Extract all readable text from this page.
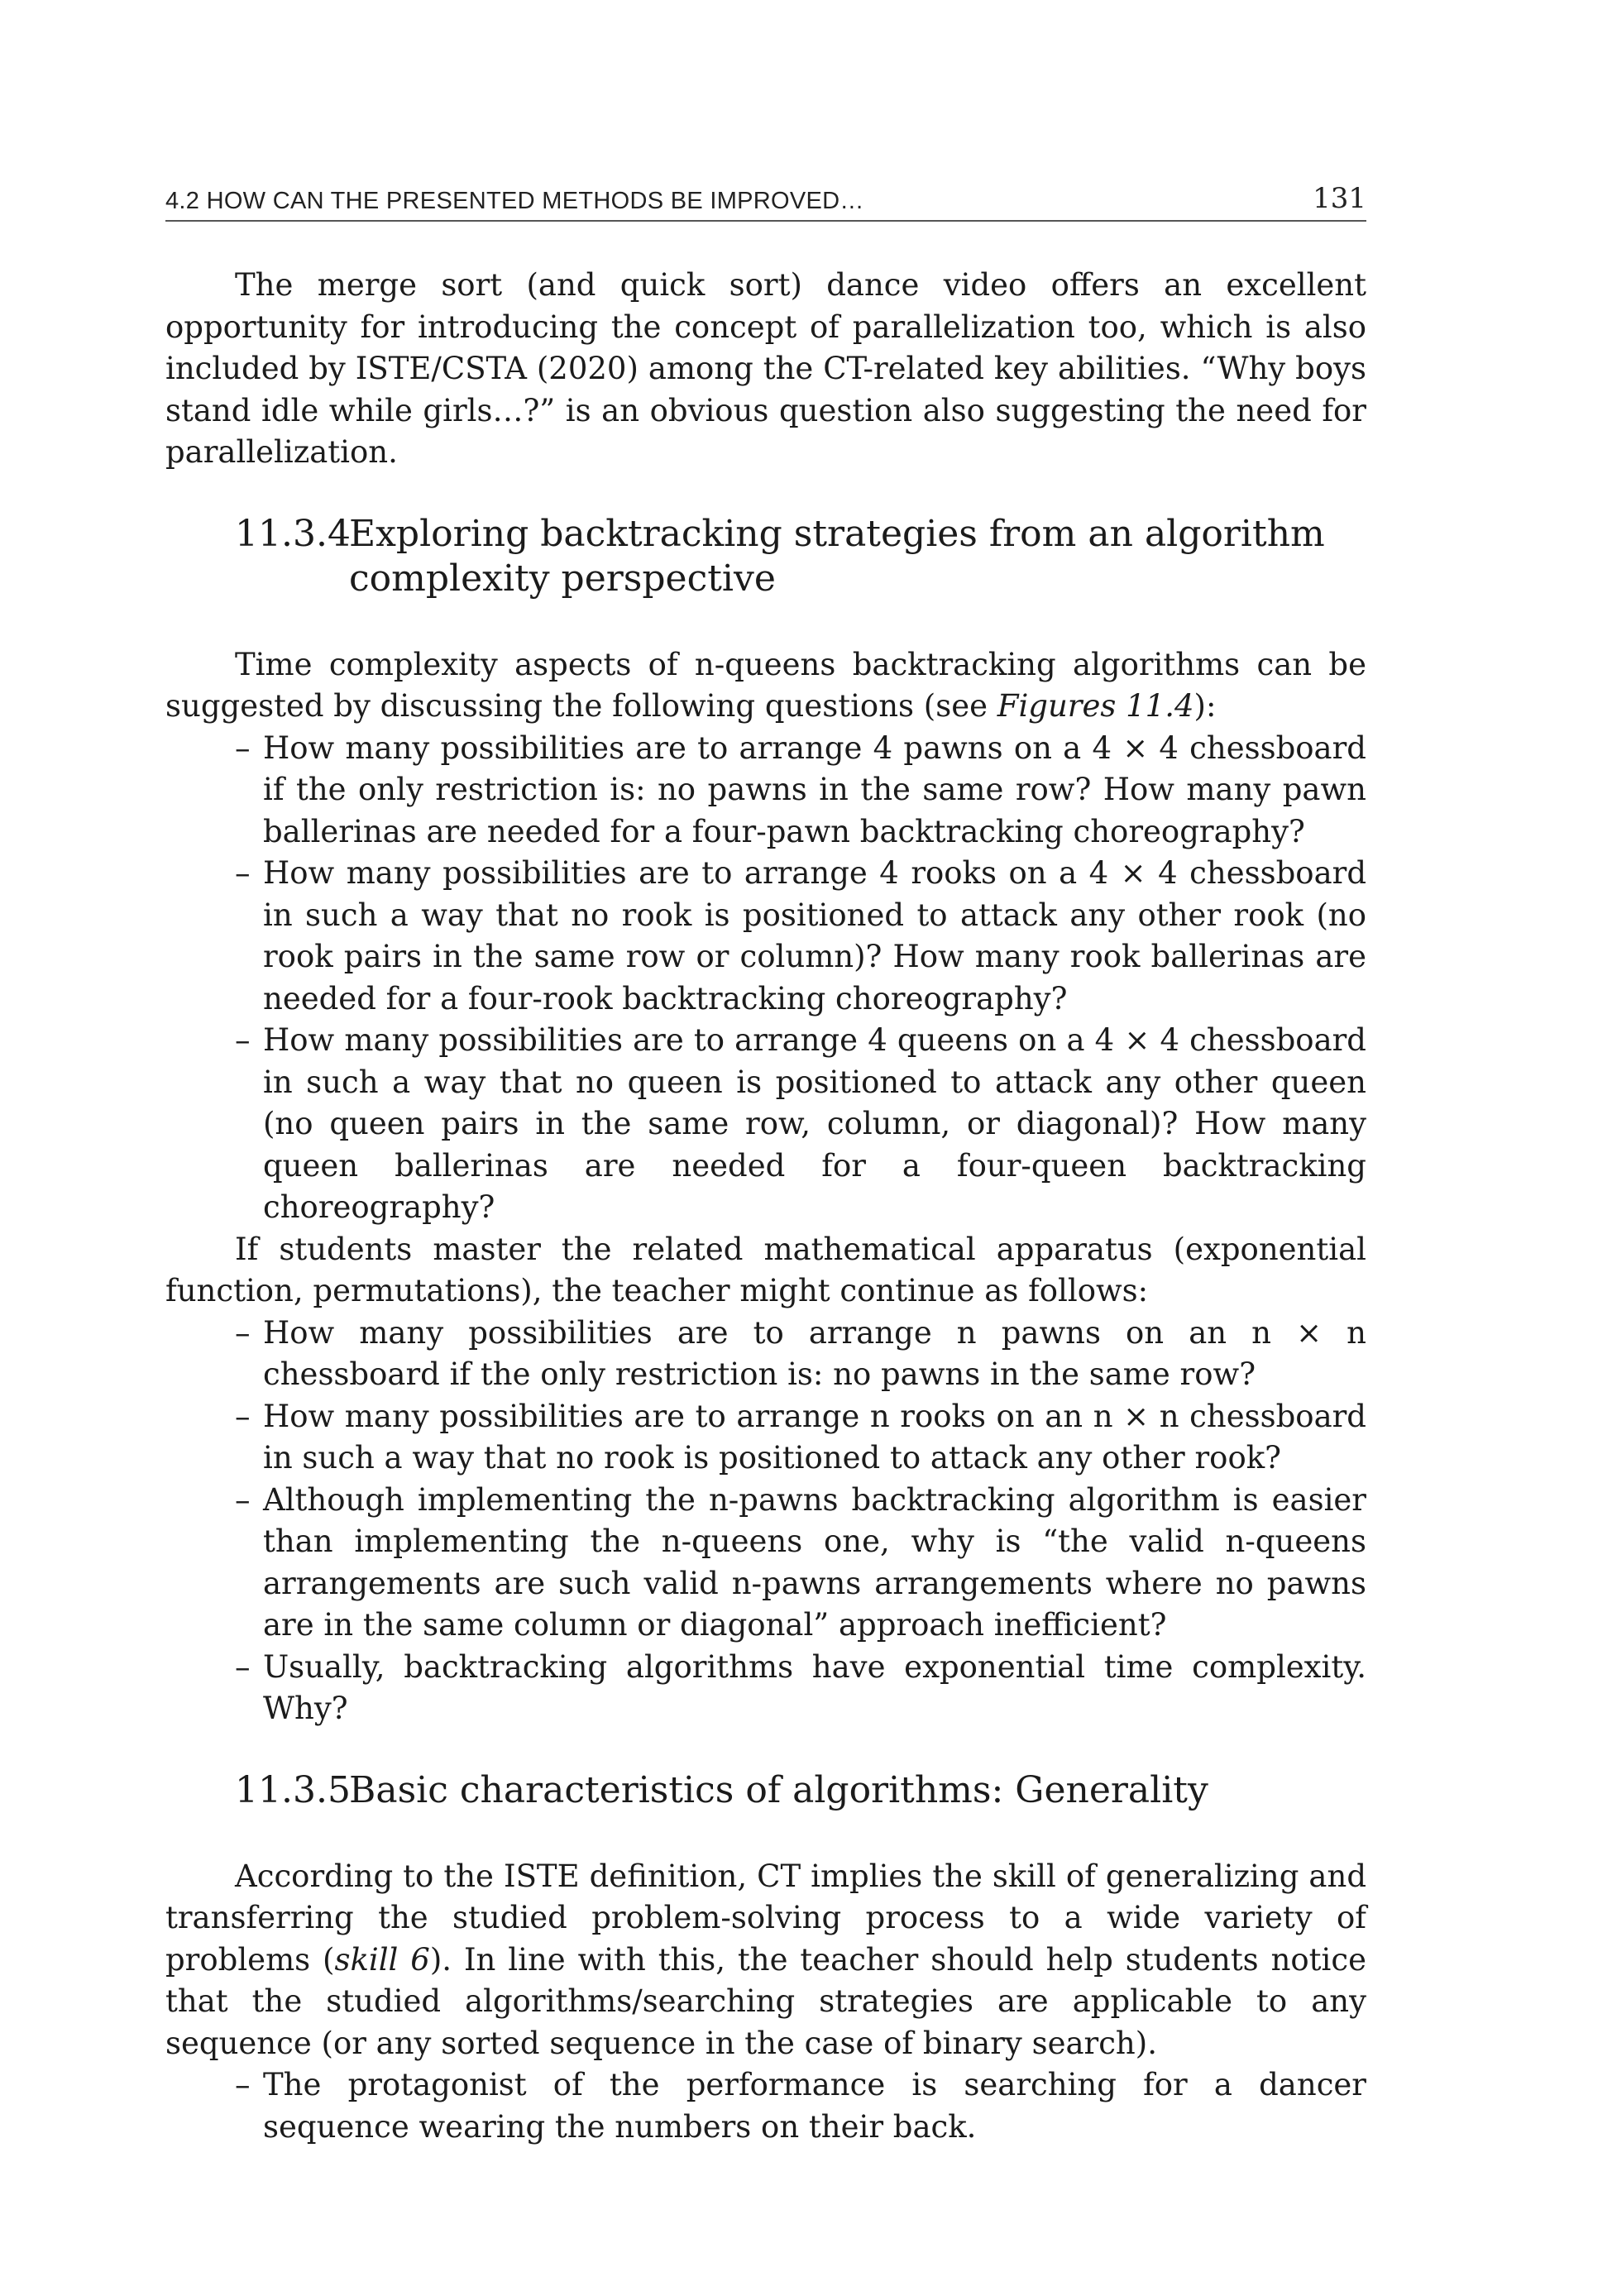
4.2 HOW CAN THE PRESENTED METHODS BE IMPROVED…	131

The merge sort (and quick sort) dance video offers an excellent opportunity for introducing the concept of parallelization too, which is also included by ISTE/CSTA (2020) among the CT-related key abilities. “Why boys stand idle while girls…?” is an obvious question also suggesting the need for parallelization.

11.3.4Exploring backtracking strategies from an algorithm complexity perspective

Time complexity aspects of n-queens backtracking algorithms can be suggested by discussing the following questions (see Figures 11.4):

– How many possibilities are to arrange 4 pawns on a 4 × 4 chessboard if the only restriction is: no pawns in the same row? How many pawn ballerinas are needed for a four-pawn backtracking choreography?
– How many possibilities are to arrange 4 rooks on a 4 × 4 chessboard in such a way that no rook is positioned to attack any other rook (no rook pairs in the same row or column)? How many rook ballerinas are needed for a four-rook backtracking choreography?
– How many possibilities are to arrange 4 queens on a 4 × 4 chessboard in such a way that no queen is positioned to attack any other queen (no queen pairs in the same row, column, or diagonal)? How many queen ballerinas are needed for a four-queen backtracking choreography?

If students master the related mathematical apparatus (exponential function, permutations), the teacher might continue as follows:

– How many possibilities are to arrange n pawns on an n × n chessboard if the only restriction is: no pawns in the same row?
– How many possibilities are to arrange n rooks on an n × n chessboard in such a way that no rook is positioned to attack any other rook?
– Although implementing the n-pawns backtracking algorithm is easier than implementing the n-queens one, why is “the valid n-queens arrangements are such valid n-pawns arrangements where no pawns are in the same column or diagonal” approach inefficient?
– Usually, backtracking algorithms have exponential time complexity. Why?
11.3.5Basic characteristics of algorithms: Generality

According to the ISTE definition, CT implies the skill of generalizing and transferring the studied problem-solving process to a wide variety of problems (skill 6). In line with this, the teacher should help students notice that the studied algorithms/searching strategies are applicable to any sequence (or any sorted sequence in the case of binary search).

– The protagonist of the performance is searching for a dancer sequence wearing the numbers on their back.
